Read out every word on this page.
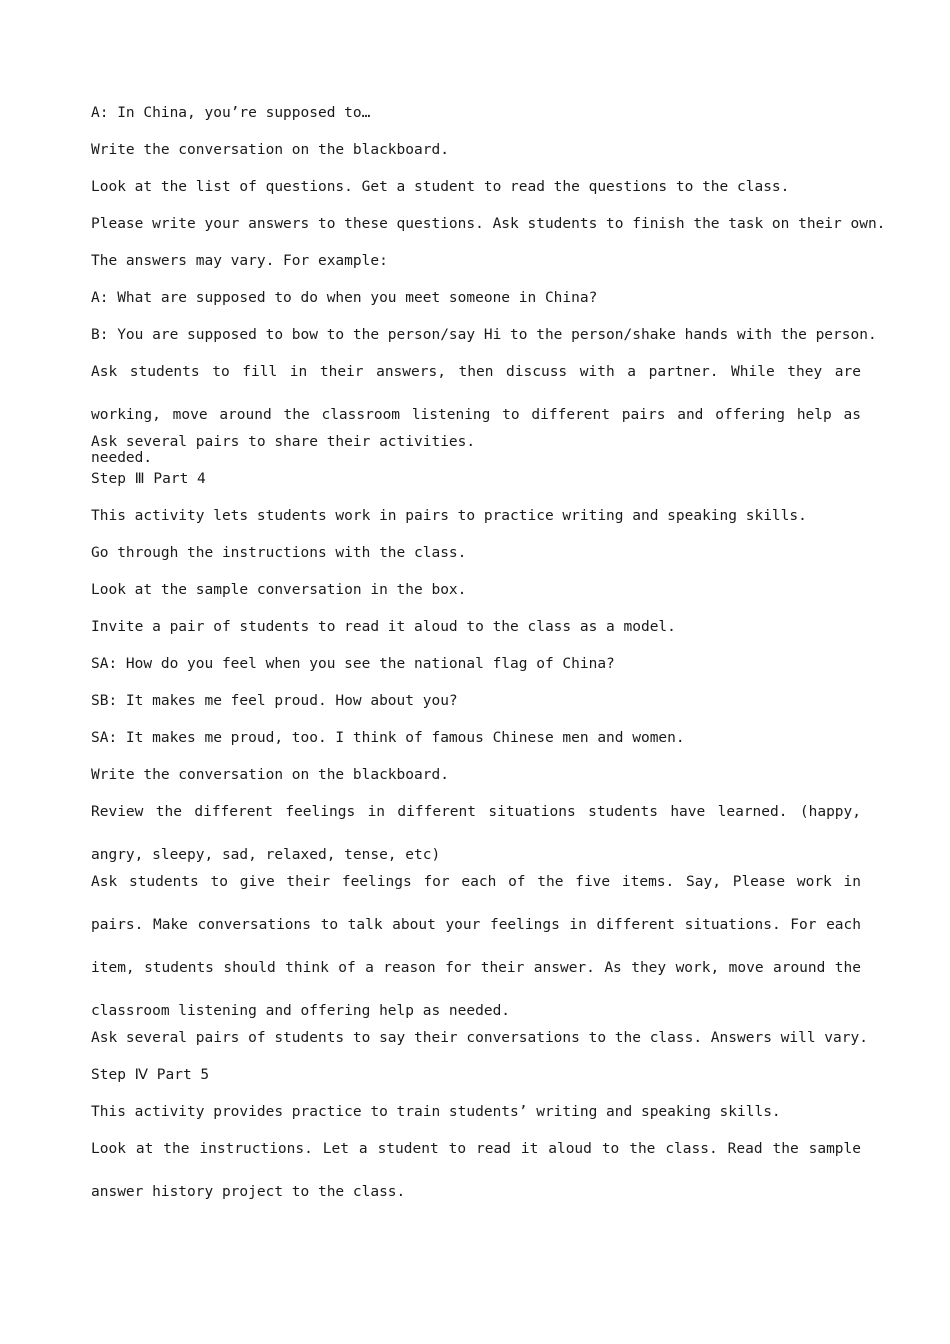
A: In China, you’re supposed to…

Write the conversation on the blackboard.

Look at the list of questions. Get a student to read the questions to the class.

Please write your answers to these questions. Ask students to finish the task on their own.

The answers may vary. For example:

A: What are supposed to do when you meet someone in China?

B: You are supposed to bow to the person/say Hi to the person/shake hands with the person.

Ask students to fill in their answers, then discuss with a partner. While they are working, move around the classroom listening to different pairs and offering help as needed.

Ask several pairs to share their activities.

Step Ⅲ Part 4

This activity lets students work in pairs to practice writing and speaking skills.

Go through the instructions with the class.

Look at the sample conversation in the box.

Invite a pair of students to read it aloud to the class as a model.

SA: How do you feel when you see the national flag of China?

SB: It makes me feel proud. How about you?

SA: It makes me proud, too. I think of famous Chinese men and women.

Write the conversation on the blackboard.

Review the different feelings in different situations students have learned. (happy, angry, sleepy, sad, relaxed, tense, etc)

Ask students to give their feelings for each of the five items. Say, Please work in pairs. Make conversations to talk about your feelings in different situations. For each item, students should think of a reason for their answer. As they work, move around the classroom listening and offering help as needed.

Ask several pairs of students to say their conversations to the class. Answers will vary.

Step Ⅳ Part 5

This activity provides practice to train students’ writing and speaking skills.

Look at the instructions. Let a student to read it aloud to the class. Read the sample answer history project to the class.
